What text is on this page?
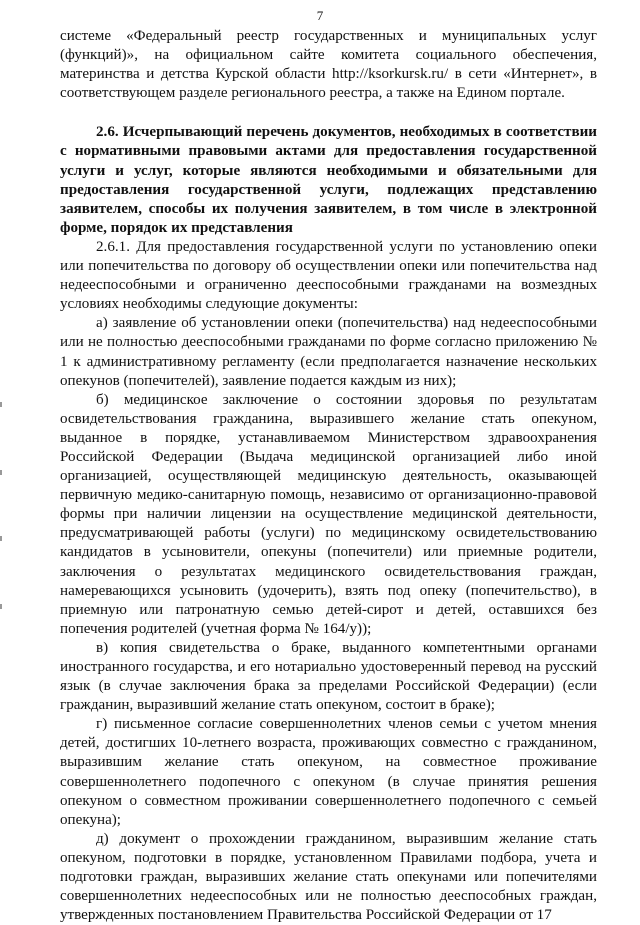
7

системе «Федеральный реестр государственных и муниципальных услуг (функций)», на официальном сайте комитета социального обеспечения, материнства и детства Курской области http://ksorkursk.ru/ в сети «Интернет», в соответствующем разделе регионального реестра, а также на Едином портале.

2.6. Исчерпывающий перечень документов, необходимых в соответствии с нормативными правовыми актами для предоставления государственной услуги и услуг, которые являются необходимыми и обязательными для предоставления государственной услуги, подлежащих представлению заявителем, способы их получения заявителем, в том числе в электронной форме, порядок их представления

2.6.1. Для предоставления государственной услуги по установлению опеки или попечительства по договору об осуществлении опеки или попечительства над недееспособными и ограниченно дееспособными гражданами на возмездных условиях необходимы следующие документы:

а) заявление об установлении опеки (попечительства) над недееспособными или не полностью дееспособными гражданами по форме согласно приложению № 1 к административному регламенту (если предполагается назначение нескольких опекунов (попечителей), заявление подается каждым из них);

б) медицинское заключение о состоянии здоровья по результатам освидетельствования гражданина, выразившего желание стать опекуном, выданное в порядке, устанавливаемом Министерством здравоохранения Российской Федерации (Выдача медицинской организацией либо иной организацией, осуществляющей медицинскую деятельность, оказывающей первичную медико-санитарную помощь, независимо от организационно-правовой формы при наличии лицензии на осуществление медицинской деятельности, предусматривающей работы (услуги) по медицинскому освидетельствованию кандидатов в усыновители, опекуны (попечители) или приемные родители, заключения о результатах медицинского освидетельствования граждан, намеревающихся усыновить (удочерить), взять под опеку (попечительство), в приемную или патронатную семью детей-сирот и детей, оставшихся без попечения родителей (учетная форма № 164/у));

в) копия свидетельства о браке, выданного компетентными органами иностранного государства, и его нотариально удостоверенный перевод на русский язык (в случае заключения брака за пределами Российской Федерации) (если гражданин, выразивший желание стать опекуном, состоит в браке);

г) письменное согласие совершеннолетних членов семьи с учетом мнения детей, достигших 10-летнего возраста, проживающих совместно с гражданином, выразившим желание стать опекуном, на совместное проживание совершеннолетнего подопечного с опекуном (в случае принятия решения опекуном о совместном проживании совершеннолетнего подопечного с семьей опекуна);

д) документ о прохождении гражданином, выразившим желание стать опекуном, подготовки в порядке, установленном Правилами подбора, учета и подготовки граждан, выразивших желание стать опекунами или попечителями совершеннолетних недееспособных или не полностью дееспособных граждан, утвержденных постановлением Правительства Российской Федерации от 17
